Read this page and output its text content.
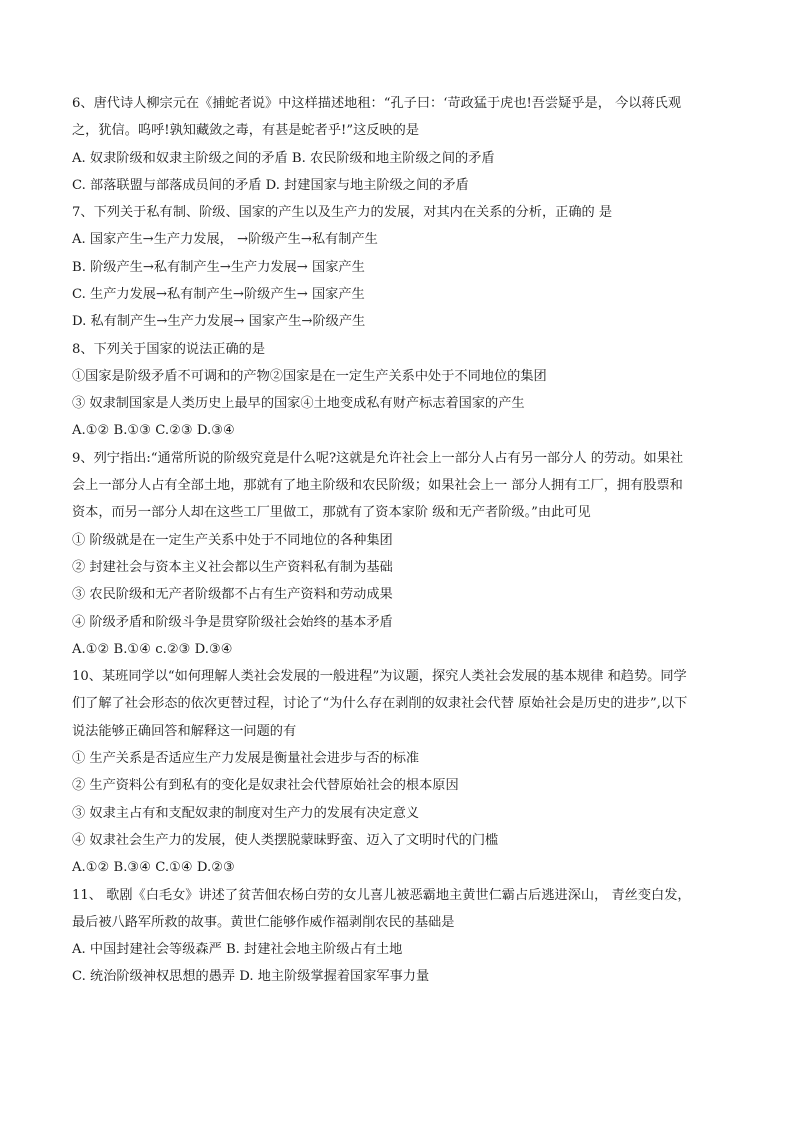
6、唐代诗人柳宗元在《捕蛇者说》中这样描述地租：“孔子曰：‘苛政猛于虎也!吾尝疑乎是， 今以蒋氏观
之，犹信。呜呼!孰知藏敛之毒，有甚是蛇者乎!”这反映的是
A. 奴隶阶级和奴隶主阶级之间的矛盾 B. 农民阶级和地主阶级之间的矛盾
C. 部落联盟与部落成员间的矛盾 D. 封建国家与地主阶级之间的矛盾
7、下列关于私有制、阶级、国家的产生以及生产力的发展，对其内在关系的分析，正确的 是
A. 国家产生→生产力发展， →阶级产生→私有制产生
B. 阶级产生→私有制产生→生产力发展→ 国家产生
C. 生产力发展→私有制产生→阶级产生→ 国家产生
D. 私有制产生→生产力发展→ 国家产生→阶级产生
8、下列关于国家的说法正确的是
①国家是阶级矛盾不可调和的产物②国家是在一定生产关系中处于不同地位的集团
③ 奴隶制国家是人类历史上最早的国家④土地变成私有财产标志着国家的产生
A.①② B.①③ C.②③ D.③④
9、列宁指出:“通常所说的阶级究竟是什么呢?这就是允许社会上一部分人占有另一部分人 的劳动。如果社
会上一部分人占有全部土地，那就有了地主阶级和农民阶级；如果社会上一 部分人拥有工厂，拥有股票和
资本，而另一部分人却在这些工厂里做工，那就有了资本家阶 级和无产者阶级。”由此可见
① 阶级就是在一定生产关系中处于不同地位的各种集团
② 封建社会与资本主义社会都以生产资料私有制为基础
③ 农民阶级和无产者阶级都不占有生产资料和劳动成果
④ 阶级矛盾和阶级斗争是贯穿阶级社会始终的基本矛盾
A.①② B.①④ c.②③ D.③④
10、某班同学以“如何理解人类社会发展的一般进程”为议题，探究人类社会发展的基本规律 和趋势。同学
们了解了社会形态的依次更替过程，讨论了“为什么存在剥削的奴隶社会代替 原始社会是历史的进步”,以下
说法能够正确回答和解释这一问题的有
① 生产关系是否适应生产力发展是衡量社会进步与否的标准
② 生产资料公有到私有的变化是奴隶社会代替原始社会的根本原因
③ 奴隶主占有和支配奴隶的制度对生产力的发展有决定意义
④ 奴隶社会生产力的发展，使人类摆脱蒙昧野蛮、迈入了文明时代的门槛
A.①② B.③④ C.①④ D.②③
11、 歌剧《白毛女》讲述了贫苦佃农杨白劳的女儿喜儿被恶霸地主黄世仁霸占后逃进深山， 青丝变白发，
最后被八路军所救的故事。黄世仁能够作威作福剥削农民的基础是
A. 中国封建社会等级森严 B. 封建社会地主阶级占有土地
C. 统治阶级神权思想的愚弄 D. 地主阶级掌握着国家军事力量
